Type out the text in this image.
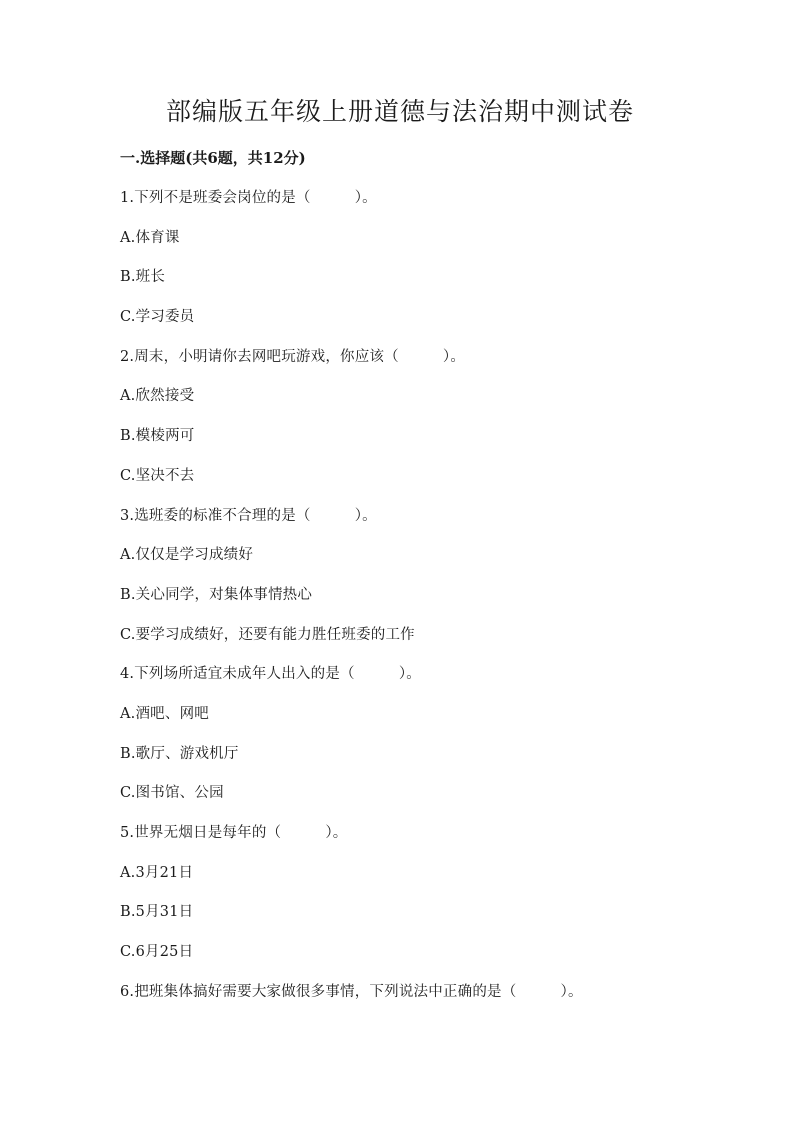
部编版五年级上册道德与法治期中测试卷
一.选择题(共6题，共12分)
1.下列不是班委会岗位的是（　　　）。
A.体育课
B.班长
C.学习委员
2.周末，小明请你去网吧玩游戏，你应该（　　　）。
A.欣然接受
B.模棱两可
C.坚决不去
3.选班委的标准不合理的是（　　　）。
A.仅仅是学习成绩好
B.关心同学，对集体事情热心
C.要学习成绩好，还要有能力胜任班委的工作
4.下列场所适宜未成年人出入的是（　　　）。
A.酒吧、网吧
B.歌厅、游戏机厅
C.图书馆、公园
5.世界无烟日是每年的（　　　）。
A.3月21日
B.5月31日
C.6月25日
6.把班集体搞好需要大家做很多事情，下列说法中正确的是（　　　）。
